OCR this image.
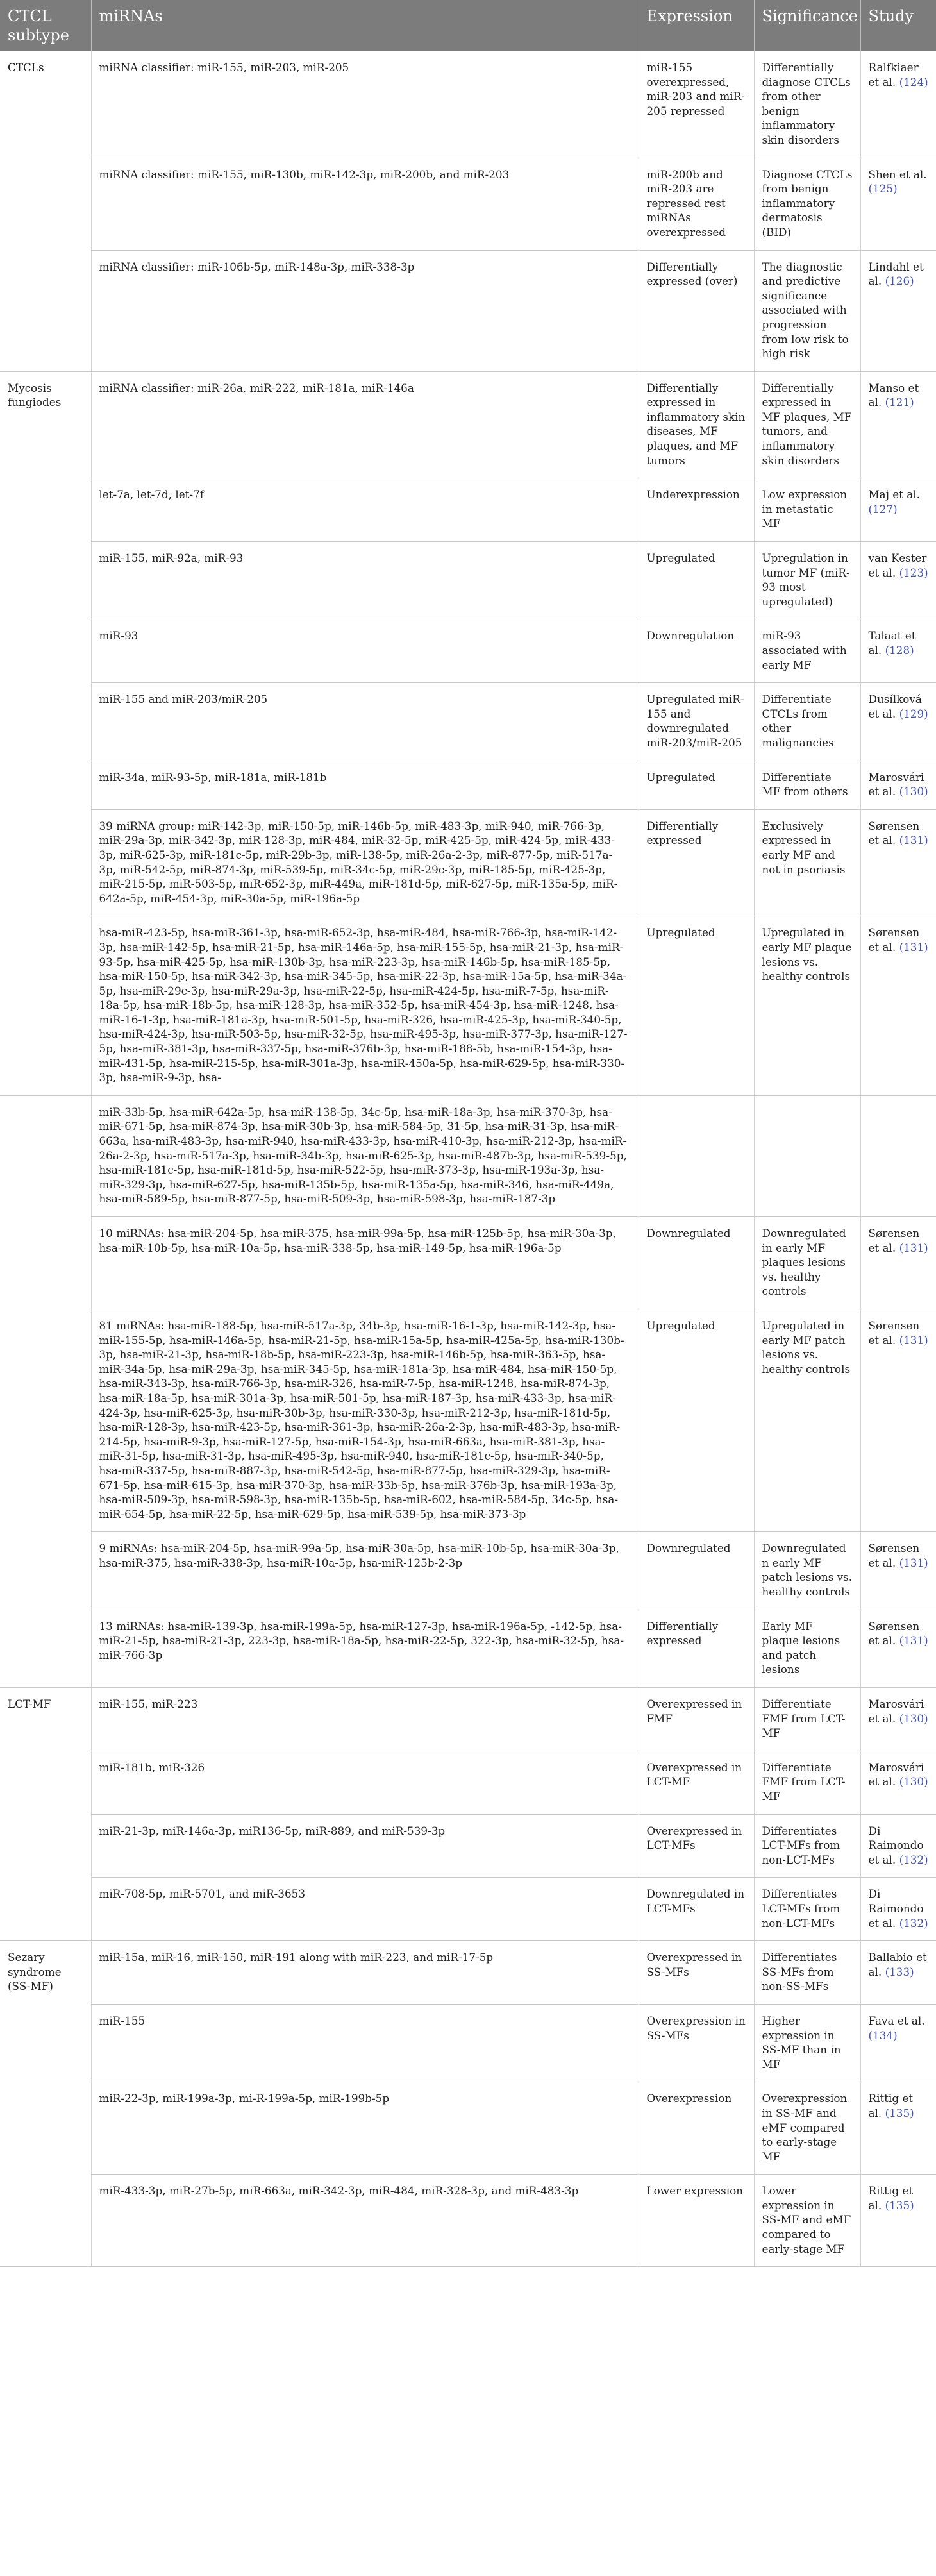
CTCL subtype	miRNAs	Expression	Significance	Study
CTCLs	miRNA classifier: miR-155, miR-203, miR-205	miR-155 overexpressed, miR-203 and miR-205 repressed	Differentially diagnose CTCLs from other benign inflammatory skin disorders	Ralfkiaer et al. (124)
	miRNA classifier: miR-155, miR-130b, miR-142-3p, miR-200b, and miR-203	miR-200b and miR-203 are repressed rest miRNAs overexpressed	Diagnose CTCLs from benign inflammatory dermatosis (BID)	Shen et al. (125)
	miRNA classifier: miR-106b-5p, miR-148a-3p, miR-338-3p	Differentially expressed (over)	The diagnostic and predictive significance associated with progression from low risk to high risk	Lindahl et al. (126)
Mycosis fungiodes	miRNA classifier: miR-26a, miR-222, miR-181a, miR-146a	Differentially expressed in inflammatory skin diseases, MF plaques, and MF tumors	Differentially expressed in MF plaques, MF tumors, and inflammatory skin disorders	Manso et al. (121)
	let-7a, let-7d, let-7f	Underexpression	Low expression in metastatic MF	Maj et al. (127)
	miR-155, miR-92a, miR-93	Upregulated	Upregulation in tumor MF (miR-93 most upregulated)	van Kester et al. (123)
	miR-93	Downregulation	miR-93 associated with early MF	Talaat et al. (128)
	miR-155 and miR-203/miR-205	Upregulated miR-155 and downregulated miR-203/miR-205	Differentiate CTCLs from other malignancies	Dusílková et al. (129)
	miR-34a, miR-93-5p, miR-181a, miR-181b	Upregulated	Differentiate MF from others	Marosvári et al. (130)
	39 miRNA group: miR-142-3p, miR-150-5p, miR-146b-5p, miR-483-3p, miR-940, miR-766-3p, miR-29a-3p, miR-342-3p, miR-128-3p, miR-484, miR-32-5p, miR-425-5p, miR-424-5p, miR-433-3p, miR-625-3p, miR-181c-5p, miR-29b-3p, miR-138-5p, miR-26a-2-3p, miR-877-5p, miR-517a-3p, miR-542-5p, miR-874-3p, miR-539-5p, miR-34c-5p, miR-29c-3p, miR-185-5p, miR-425-3p, miR-215-5p, miR-503-5p, miR-652-3p, miR-449a, miR-181d-5p, miR-627-5p, miR-135a-5p, miR-642a-5p, miR-454-3p, miR-30a-5p, miR-196a-5p	Differentially expressed	Exclusively expressed in early MF and not in psoriasis	Sørensen et al. (131)
	hsa-miR-423-5p, hsa-miR-361-3p, hsa-miR-652-3p, hsa-miR-484, hsa-miR-766-3p, hsa-miR-142-3p, hsa-miR-142-5p, hsa-miR-21-5p, hsa-miR-146a-5p, hsa-miR-155-5p, hsa-miR-21-3p, hsa-miR-93-5p, hsa-miR-425-5p, hsa-miR-130b-3p, hsa-miR-223-3p, hsa-miR-146b-5p, hsa-miR-185-5p, hsa-miR-150-5p, hsa-miR-342-3p, hsa-miR-345-5p, hsa-miR-22-3p, hsa-miR-15a-5p, hsa-miR-34a-5p, hsa-miR-29c-3p, hsa-miR-29a-3p, hsa-miR-22-5p, hsa-miR-424-5p, hsa-miR-7-5p, hsa-miR-18a-5p, hsa-miR-18b-5p, hsa-miR-128-3p, hsa-miR-352-5p, hsa-miR-454-3p, hsa-miR-1248, hsa-miR-16-1-3p, hsa-miR-181a-3p, hsa-miR-501-5p, hsa-miR-326, hsa-miR-425-3p, hsa-miR-340-5p, hsa-miR-424-3p, hsa-miR-503-5p, hsa-miR-32-5p, hsa-miR-495-3p, hsa-miR-377-3p, hsa-miR-127-5p, hsa-miR-381-3p, hsa-miR-337-5p, hsa-miR-376b-3p, hsa-miR-188-5b, hsa-miR-154-3p, hsa-miR-431-5p, hsa-miR-215-5p, hsa-miR-301a-3p, hsa-miR-450a-5p, hsa-miR-629-5p, hsa-miR-330-3p, hsa-miR-9-3p, hsa-	Upregulated	Upregulated in early MF plaque lesions vs. healthy controls	Sørensen et al. (131)
	miR-33b-5p, hsa-miR-642a-5p, hsa-miR-138-5p, 34c-5p, hsa-miR-18a-3p, hsa-miR-370-3p, hsa-miR-671-5p, hsa-miR-874-3p, hsa-miR-30b-3p, hsa-miR-584-5p, 31-5p, hsa-miR-31-3p, hsa-miR-663a, hsa-miR-483-3p, hsa-miR-940, hsa-miR-433-3p, hsa-miR-410-3p, hsa-miR-212-3p, hsa-miR-26a-2-3p, hsa-miR-517a-3p, hsa-miR-34b-3p, hsa-miR-625-3p, hsa-miR-487b-3p, hsa-miR-539-5p, hsa-miR-181c-5p, hsa-miR-181d-5p, hsa-miR-522-5p, hsa-miR-373-3p, hsa-miR-193a-3p, hsa-miR-329-3p, hsa-miR-627-5p, hsa-miR-135b-5p, hsa-miR-135a-5p, hsa-miR-346, hsa-miR-449a, hsa-miR-589-5p, hsa-miR-877-5p, hsa-miR-509-3p, hsa-miR-598-3p, hsa-miR-187-3p			
	10 miRNAs: hsa-miR-204-5p, hsa-miR-375, hsa-miR-99a-5p, hsa-miR-125b-5p, hsa-miR-30a-3p, hsa-miR-10b-5p, hsa-miR-10a-5p, hsa-miR-338-5p, hsa-miR-149-5p, hsa-miR-196a-5p	Downregulated	Downregulated in early MF plaques lesions vs. healthy controls	Sørensen et al. (131)
	81 miRNAs: hsa-miR-188-5p, hsa-miR-517a-3p, 34b-3p, hsa-miR-16-1-3p, hsa-miR-142-3p, hsa-miR-155-5p, hsa-miR-146a-5p, hsa-miR-21-5p, hsa-miR-15a-5p, hsa-miR-425a-5p, hsa-miR-130b-3p, hsa-miR-21-3p, hsa-miR-18b-5p, hsa-miR-223-3p, hsa-miR-146b-5p, hsa-miR-363-5p, hsa-miR-34a-5p, hsa-miR-29a-3p, hsa-miR-345-5p, hsa-miR-181a-3p, hsa-miR-484, hsa-miR-150-5p, hsa-miR-343-3p, hsa-miR-766-3p, hsa-miR-326, hsa-miR-7-5p, hsa-miR-1248, hsa-miR-874-3p, hsa-miR-18a-5p, hsa-miR-301a-3p, hsa-miR-501-5p, hsa-miR-187-3p, hsa-miR-433-3p, hsa-miR-424-3p, hsa-miR-625-3p, hsa-miR-30b-3p, hsa-miR-330-3p, hsa-miR-212-3p, hsa-miR-181d-5p, hsa-miR-128-3p, hsa-miR-423-5p, hsa-miR-361-3p, hsa-miR-26a-2-3p, hsa-miR-483-3p, hsa-miR-214-5p, hsa-miR-9-3p, hsa-miR-127-5p, hsa-miR-154-3p, hsa-miR-663a, hsa-miR-381-3p, hsa-miR-31-5p, hsa-miR-31-3p, hsa-miR-495-3p, hsa-miR-940, hsa-miR-181c-5p, hsa-miR-340-5p, hsa-miR-337-5p, hsa-miR-887-3p, hsa-miR-542-5p, hsa-miR-877-5p, hsa-miR-329-3p, hsa-miR-671-5p, hsa-miR-615-3p, hsa-miR-370-3p, hsa-miR-33b-5p, hsa-miR-376b-3p, hsa-miR-193a-3p, hsa-miR-509-3p, hsa-miR-598-3p, hsa-miR-135b-5p, hsa-miR-602, hsa-miR-584-5p, 34c-5p, hsa-miR-654-5p, hsa-miR-22-5p, hsa-miR-629-5p, hsa-miR-539-5p, hsa-miR-373-3p	Upregulated	Upregulated in early MF patch lesions vs. healthy controls	Sørensen et al. (131)
	9 miRNAs: hsa-miR-204-5p, hsa-miR-99a-5p, hsa-miR-30a-5p, hsa-miR-10b-5p, hsa-miR-30a-3p, hsa-miR-375, hsa-miR-338-3p, hsa-miR-10a-5p, hsa-miR-125b-2-3p	Downregulated	Downregulated n early MF patch lesions vs. healthy controls	Sørensen et al. (131)
	13 miRNAs: hsa-miR-139-3p, hsa-miR-199a-5p, hsa-miR-127-3p, hsa-miR-196a-5p, -142-5p, hsa-miR-21-5p, hsa-miR-21-3p, 223-3p, hsa-miR-18a-5p, hsa-miR-22-5p, 322-3p, hsa-miR-32-5p, hsa-miR-766-3p	Differentially expressed	Early MF plaque lesions and patch lesions	Sørensen et al. (131)
LCT-MF	miR-155, miR-223	Overexpressed in FMF	Differentiate FMF from LCT-MF	Marosvári et al. (130)
	miR-181b, miR-326	Overexpressed in LCT-MF	Differentiate FMF from LCT-MF	Marosvári et al. (130)
	miR-21-3p, miR-146a-3p, miR136-5p, miR-889, and miR-539-3p	Overexpressed in LCT-MFs	Differentiates LCT-MFs from non-LCT-MFs	Di Raimondo et al. (132)
	miR-708-5p, miR-5701, and miR-3653	Downregulated in LCT-MFs	Differentiates LCT-MFs from non-LCT-MFs	Di Raimondo et al. (132)
Sezary syndrome (SS-MF)	miR-15a, miR-16, miR-150, miR-191 along with miR-223, and miR-17-5p	Overexpressed in SS-MFs	Differentiates SS-MFs from non-SS-MFs	Ballabio et al. (133)
	miR-155	Overexpression in SS-MFs	Higher expression in SS-MF than in MF	Fava et al. (134)
	miR-22-3p, miR-199a-3p, mi-R-199a-5p, miR-199b-5p	Overexpression	Overexpression in SS-MF and eMF compared to early-stage MF	Rittig et al. (135)
	miR-433-3p, miR-27b-5p, miR-663a, miR-342-3p, miR-484, miR-328-3p, and miR-483-3p	Lower expression	Lower expression in SS-MF and eMF compared to early-stage MF	Rittig et al. (135)
